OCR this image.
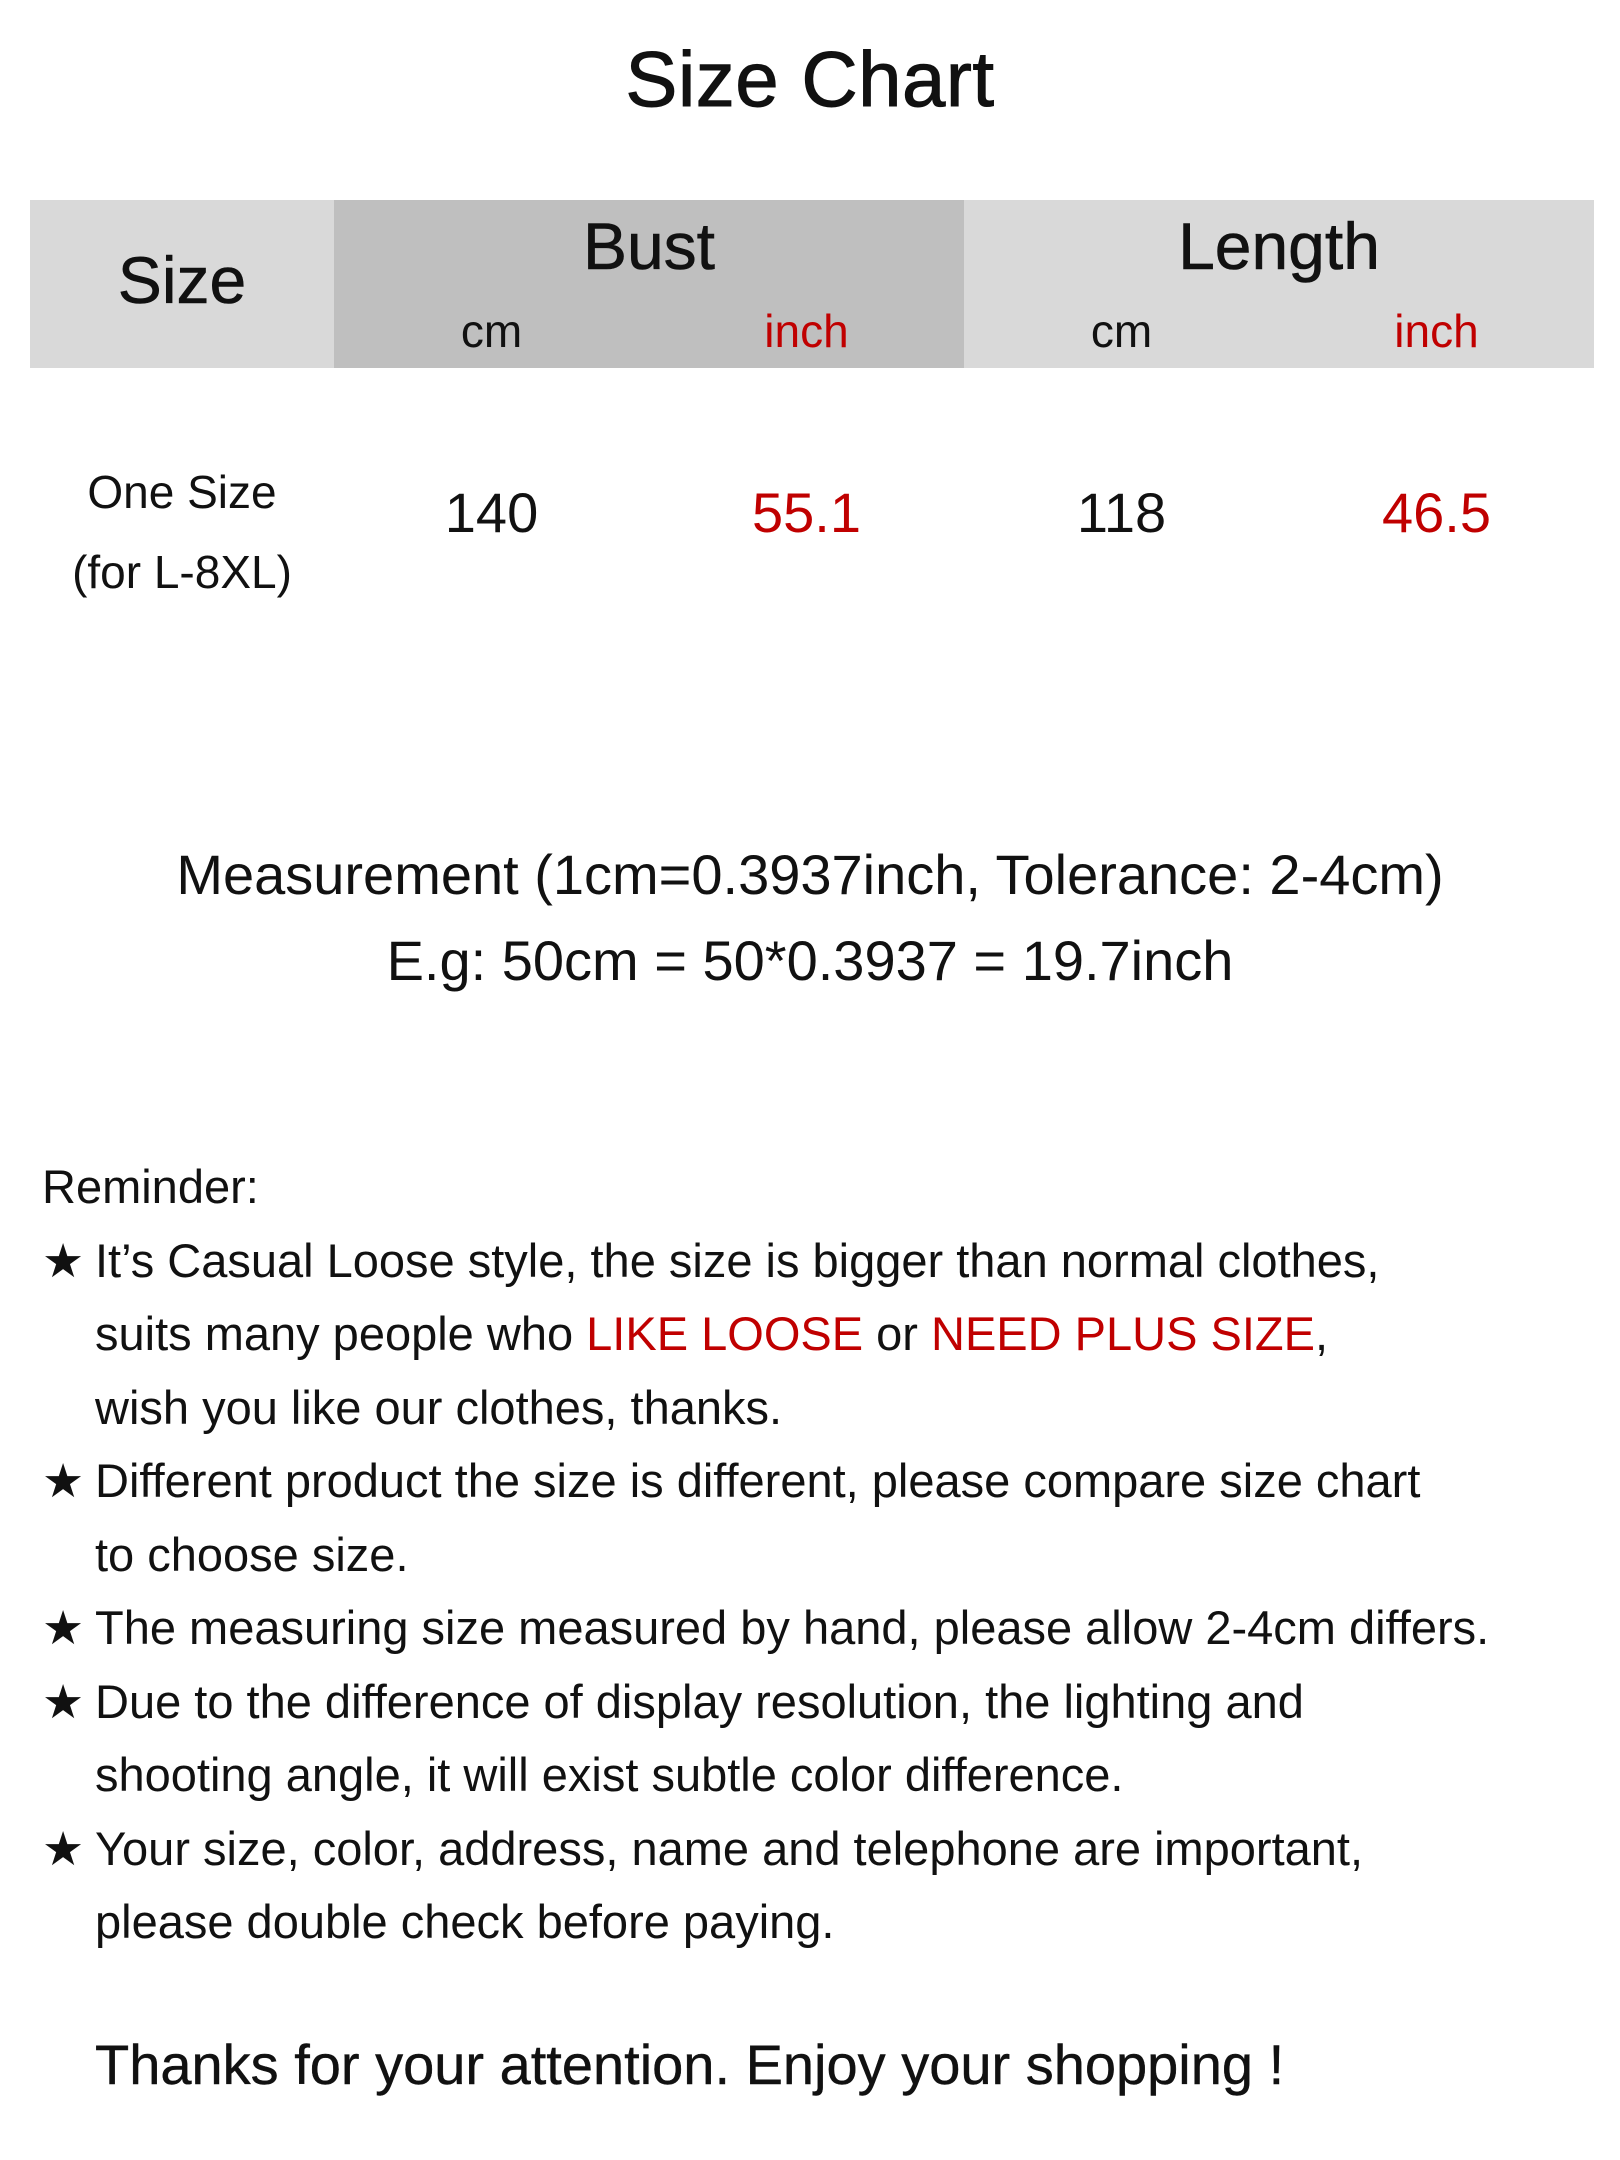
Size Chart
Size	Bust
cm	inch
Length
cm	inch
One Size
(for L-8XL)
140	55.1	118	46.5
Measurement (1cm=0.3937inch, Tolerance: 2-4cm)
E.g: 50cm = 50*0.3937 = 19.7inch
Reminder:
★ It’s Casual Loose style, the size is bigger than normal clothes,
suits many people who LIKE LOOSE or NEED PLUS SIZE,
wish you like our clothes, thanks.
★ Different product the size is different, please compare size chart
to choose size.
★ The measuring size measured by hand, please allow 2-4cm differs.
★ Due to the difference of display resolution, the lighting and
shooting angle, it will exist subtle color difference.
★ Your size, color, address, name and telephone are important,
please double check before paying.
Thanks for your attention. Enjoy your shopping !
